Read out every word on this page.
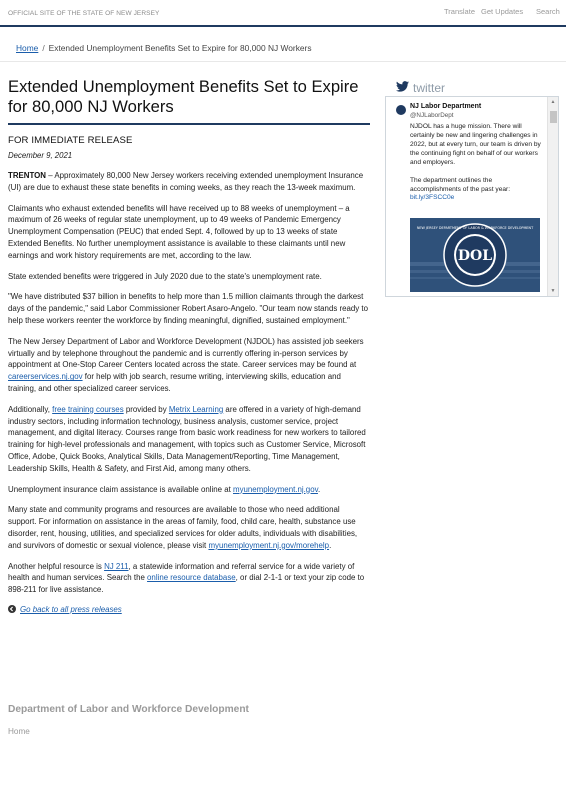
OFFICIAL SITE OF THE STATE OF NEW JERSEY	Translate Get Updates Search
Home / Extended Unemployment Benefits Set to Expire for 80,000 NJ Workers
Extended Unemployment Benefits Set to Expire for 80,000 NJ Workers
FOR IMMEDIATE RELEASE
December 9, 2021

TRENTON – Approximately 80,000 New Jersey workers receiving extended unemployment Insurance (UI) are due to exhaust these state benefits in coming weeks, as they reach the 13-week maximum.

Claimants who exhaust extended benefits will have received up to 88 weeks of unemployment – a maximum of 26 weeks of regular state unemployment, up to 49 weeks of Pandemic Emergency Unemployment Compensation (PEUC) that ended Sept. 4, followed by up to 13 weeks of state Extended Benefits. No further unemployment assistance is available to these claimants until new earnings and work history requirements are met, according to the law.

State extended benefits were triggered in July 2020 due to the state's unemployment rate.

"We have distributed $37 billion in benefits to help more than 1.5 million claimants through the darkest days of the pandemic," said Labor Commissioner Robert Asaro-Angelo. "Our team now stands ready to help these workers reenter the workforce by finding meaningful, dignified, sustained employment."

The New Jersey Department of Labor and Workforce Development (NJDOL) has assisted job seekers virtually and by telephone throughout the pandemic and is currently offering in-person services by appointment at One-Stop Career Centers located across the state. Career services may be found at careerservices.nj.gov for help with job search, resume writing, interviewing skills, education and training, and other specialized career services.

Additionally, free training courses provided by Metrix Learning are offered in a variety of high-demand industry sectors, including information technology, business analysis, customer service, project management, and digital literacy. Courses range from basic work readiness for new workers to tailored training for high-level professionals and management, with topics such as Customer Service, Microsoft Office, Adobe, Quick Books, Analytical Skills, Data Management/Reporting, Time Management, Leadership Skills, Health & Safety, and First Aid, among many others.

Unemployment insurance claim assistance is available online at myunemployment.nj.gov.

Many state and community programs and resources are available to those who need additional support. For information on assistance in the areas of family, food, child care, health, substance use disorder, rent, housing, utilities, and specialized services for older adults, individuals with disabilities, and survivors of domestic or sexual violence, please visit myunemployment.nj.gov/morehelp.

Another helpful resource is NJ 211, a statewide information and referral service for a wide variety of health and human services. Search the online resource database, or dial 2-1-1 or text your zip code to 898-211 for live assistance.

Go back to all press releases
twitter
NJ Labor Department
@NJLaborDept
NJDOL has a huge mission. There will certainly be new and lingering challenges in 2022, but at every turn, our team is driven by the continuing fight on behalf of our workers and employers.
The department outlines the accomplishments of the past year:
bit.ly/3FSCC0e
NEW JERSEY DEPARTMENT OF LABOR & WORKFORCE DEVELOPMENT
DOL
▲
▼
Department of Labor and Workforce Development
Home
